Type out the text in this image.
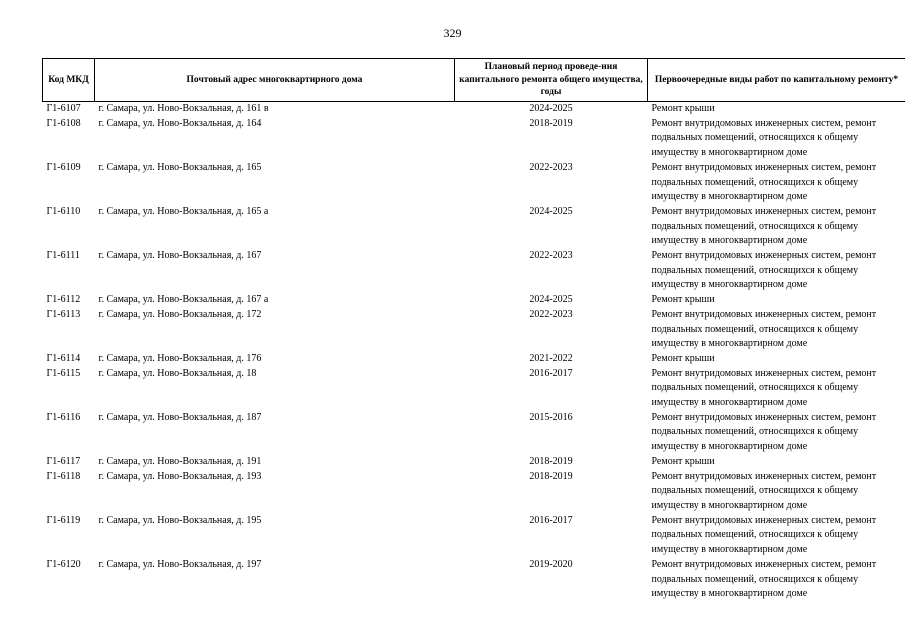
329
Код МКД	Почтовый адрес многоквартирного дома	Плановый период проведе-ния капитального ремонта общего имущества, годы	Первоочередные виды работ по капитальному ремонту*
Г1-6107	г. Самара, ул. Ново-Вокзальная, д. 161 в	2024-2025	Ремонт крыши
Г1-6108	г. Самара, ул. Ново-Вокзальная, д. 164	2018-2019	Ремонт внутридомовых инженерных систем, ремонт подвальных помещений, относящихся к общему имуществу в многоквартирном доме
Г1-6109	г. Самара, ул. Ново-Вокзальная, д. 165	2022-2023	Ремонт внутридомовых инженерных систем, ремонт подвальных помещений, относящихся к общему имуществу в многоквартирном доме
Г1-6110	г. Самара, ул. Ново-Вокзальная, д. 165 а	2024-2025	Ремонт внутридомовых инженерных систем, ремонт подвальных помещений, относящихся к общему имуществу в многоквартирном доме
Г1-6111	г. Самара, ул. Ново-Вокзальная, д. 167	2022-2023	Ремонт внутридомовых инженерных систем, ремонт подвальных помещений, относящихся к общему имуществу в многоквартирном доме
Г1-6112	г. Самара, ул. Ново-Вокзальная, д. 167 а	2024-2025	Ремонт крыши
Г1-6113	г. Самара, ул. Ново-Вокзальная, д. 172	2022-2023	Ремонт внутридомовых инженерных систем, ремонт подвальных помещений, относящихся к общему имуществу в многоквартирном доме
Г1-6114	г. Самара, ул. Ново-Вокзальная, д. 176	2021-2022	Ремонт крыши
Г1-6115	г. Самара, ул. Ново-Вокзальная, д. 18	2016-2017	Ремонт внутридомовых инженерных систем, ремонт подвальных помещений, относящихся к общему имуществу в многоквартирном доме
Г1-6116	г. Самара, ул. Ново-Вокзальная, д. 187	2015-2016	Ремонт внутридомовых инженерных систем, ремонт подвальных помещений, относящихся к общему имуществу в многоквартирном доме
Г1-6117	г. Самара, ул. Ново-Вокзальная, д. 191	2018-2019	Ремонт крыши
Г1-6118	г. Самара, ул. Ново-Вокзальная, д. 193	2018-2019	Ремонт внутридомовых инженерных систем, ремонт подвальных помещений, относящихся к общему имуществу в многоквартирном доме
Г1-6119	г. Самара, ул. Ново-Вокзальная, д. 195	2016-2017	Ремонт внутридомовых инженерных систем, ремонт подвальных помещений, относящихся к общему имуществу в многоквартирном доме
Г1-6120	г. Самара, ул. Ново-Вокзальная, д. 197	2019-2020	Ремонт внутридомовых инженерных систем, ремонт подвальных помещений, относящихся к общему имуществу в многоквартирном доме
